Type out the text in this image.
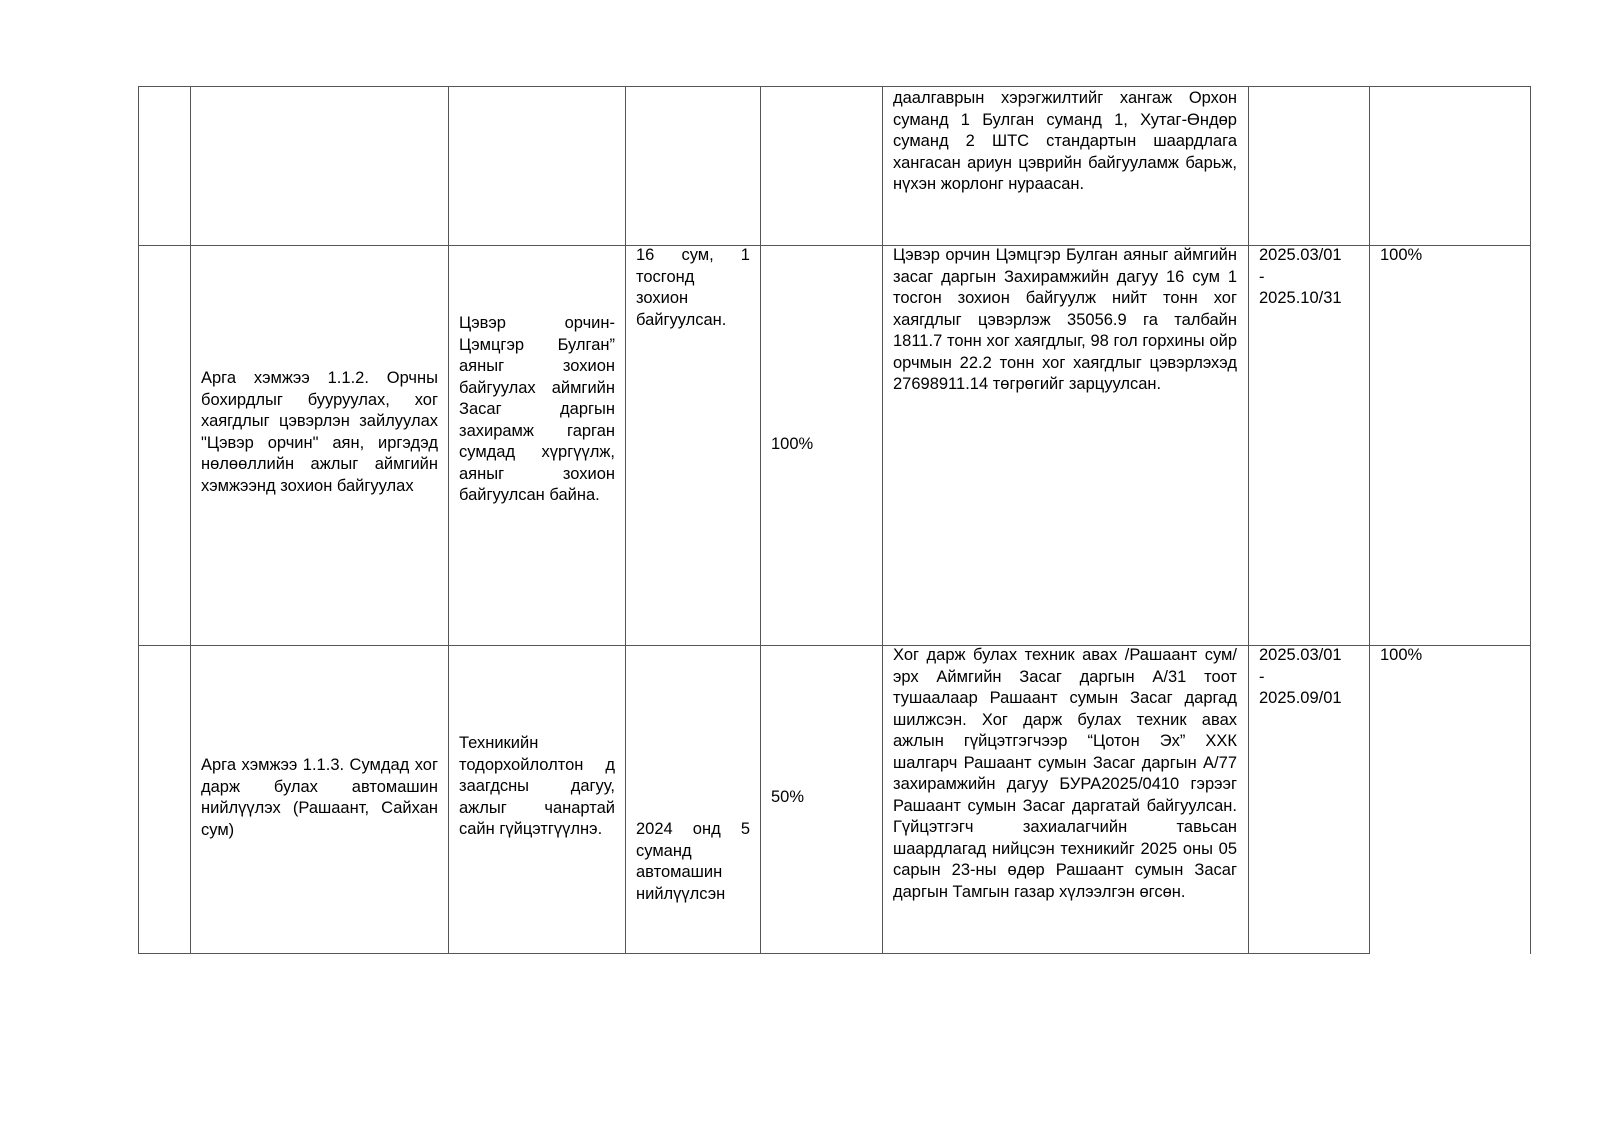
даалгаврын хэрэгжилтийг хангаж Орхон суманд 1 Булган суманд 1, Хутаг-Өндөр суманд 2 ШТС стандартын шаардлага хангасан ариун цэврийн байгууламж барьж, нүхэн жорлонг нураасан.
Арга хэмжээ 1.1.2. Орчны бохирдлыг бууруулах, хог хаягдлыг цэвэрлэн зайлуулах "Цэвэр орчин" аян, иргэдэд нөлөөллийн ажлыг аймгийн хэмжээнд зохион байгуулах
Цэвэр орчин-Цэмцгэр Булган” аяныг зохион байгуулах аймгийн Засаг даргын захирамж гарган сумдад хүргүүлж, аяныг зохион байгуулсан байна.
16 сум, 1 тосгонд зохион байгуулсан.
100%
Цэвэр орчин Цэмцгэр Булган аяныг аймгийн засаг даргын Захирамжийн дагуу 16 сум 1 тосгон зохион байгуулж нийт тонн хог хаягдлыг цэвэрлэж 35056.9 га талбайн 1811.7 тонн хог хаягдлыг, 98 гол горхины ойр орчмын 22.2 тонн хог хаягдлыг цэвэрлэхэд 27698911.14 төгрөгийг зарцуулсан.
2025.03/01
-
2025.10/31
100%
Арга хэмжээ 1.1.3. Сумдад хог дарж булах автомашин нийлүүлэх (Рашаант, Сайхан сум)
Техникийн тодорхойлолтон д заагдсны дагуу, ажлыг чанартай сайн гүйцэтгүүлнэ.	2024 онд 5 суманд автомашин нийлүүлсэн
50%
Хог дарж булах техник авах /Рашаант сум/ эрх Аймгийн Засаг даргын А/31 тоот тушаалаар Рашаант сумын Засаг даргад шилжсэн. Хог дарж булах техник авах ажлын гүйцэтгэгчээр “Цотон Эх” ХХК шалгарч Рашаант сумын Засаг даргын А/77 захирамжийн дагуу БУРА2025/0410 гэрээг Рашаант сумын Засаг даргатай байгуулсан. Гүйцэтгэгч захиалагчийн тавьсан шаардлагад нийцсэн техникийг 2025 оны 05 сарын 23-ны өдөр Рашаант сумын Засаг даргын Тамгын газар хүлээлгэн өгсөн.
2025.03/01
-
2025.09/01
100%
